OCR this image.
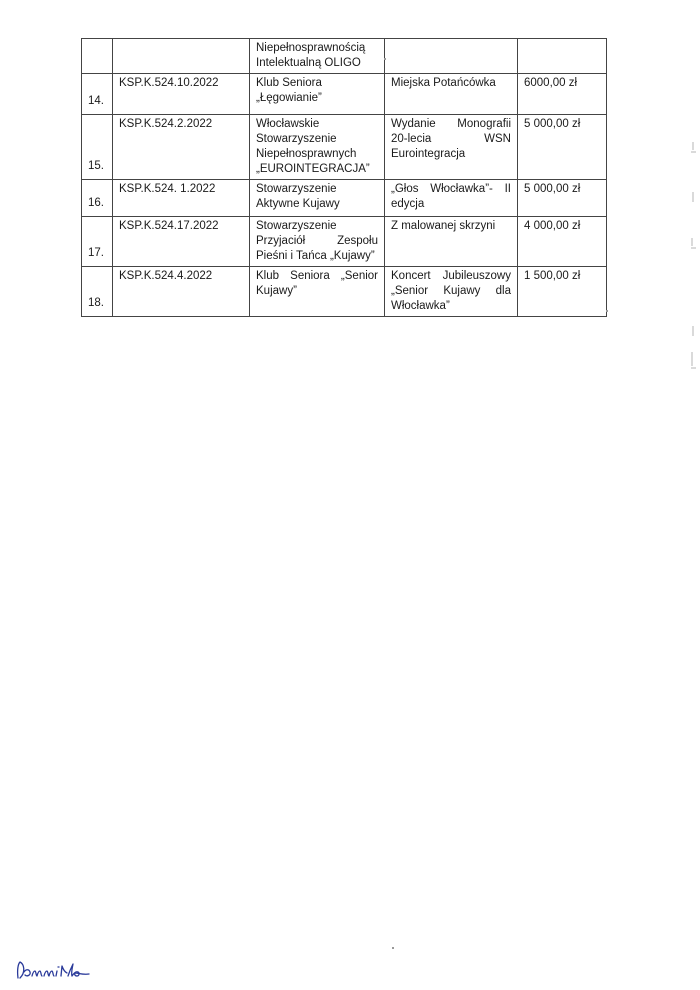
		Niepełnosprawnością Intelektualną OLIGO		
14.	KSP.K.524.10.2022	Klub Seniora „Łęgowianie”	Miejska Potańcówka	6000,00 zł
15.	KSP.K.524.2.2022	Włocławskie Stowarzyszenie Niepełnosprawnych „EUROINTEGRACJA”	Wydanie Monografii 20-lecia WSN Eurointegracja	5 000,00 zł
16.	KSP.K.524. 1.2022	Stowarzyszenie Aktywne Kujawy	„Głos Włocławka”- II edycja	5 000,00 zł
17.	KSP.K.524.17.2022	Stowarzyszenie Przyjaciół Zespołu Pieśni i Tańca „Kujawy”	Z malowanej skrzyni	4 000,00 zł
18.	KSP.K.524.4.2022	Klub Seniora „Senior Kujawy”	Koncert Jubileuszowy „Senior Kujawy dla Włocławka”	1 500,00 zł
